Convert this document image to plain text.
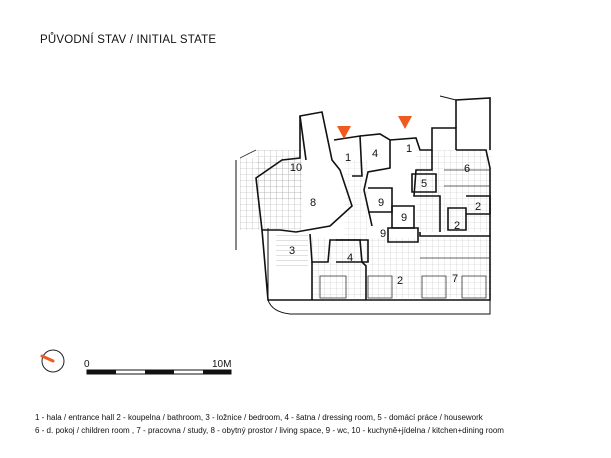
PŮVODNÍ STAV / INITIAL STATE
10
8
3
1
1
4
4
5
6
9
9
9
2
2
2	7
0	10M
1 - hala / entrance hall 2 - koupelna / bathroom, 3 - ložnice / bedroom, 4 - šatna / dressing room, 5 - domácí práce / housework
6 - d. pokoj / children room , 7 - pracovna / study, 8 - obytný prostor / living space, 9 - wc, 10 - kuchyně+jídelna / kitchen+dining room
